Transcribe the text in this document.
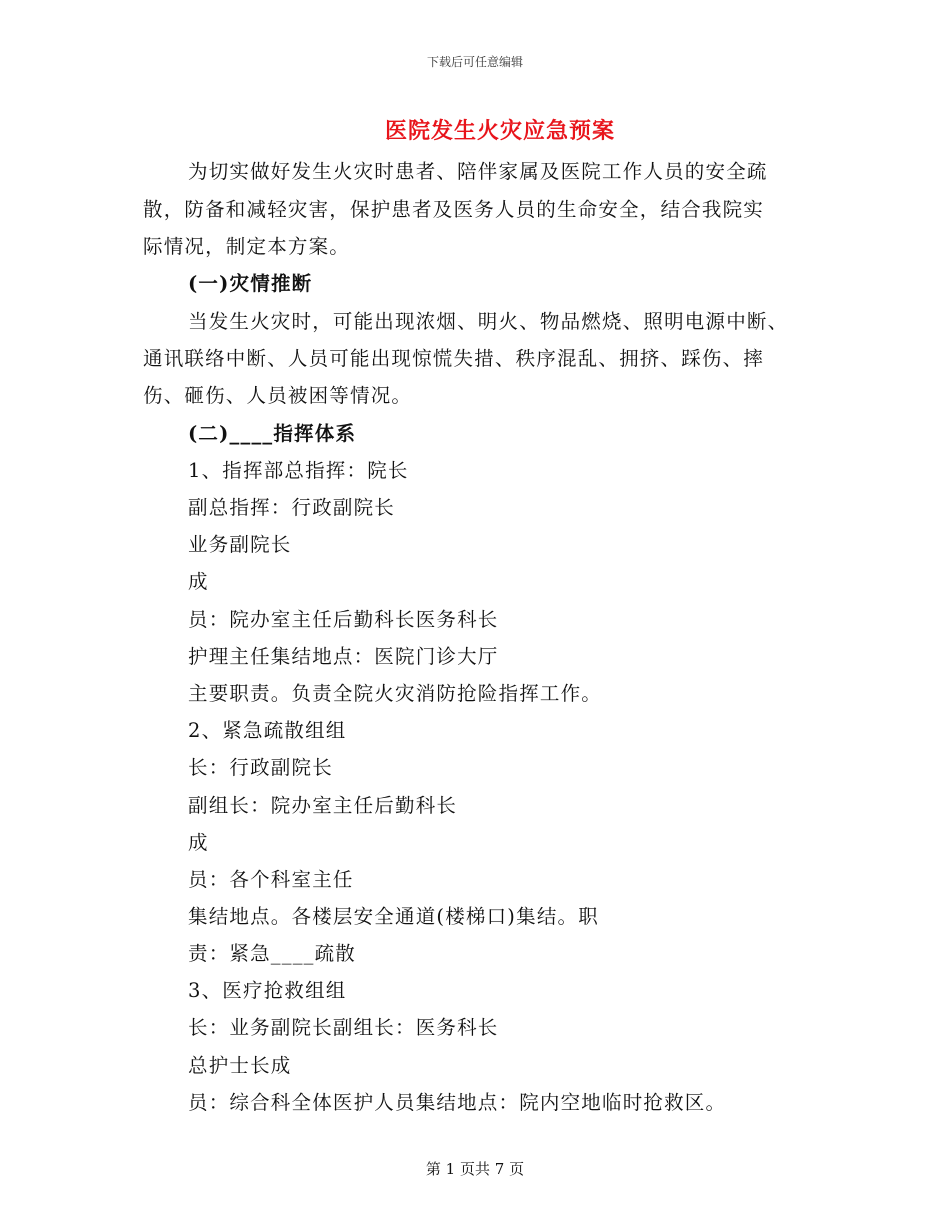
下载后可任意编辑
医院发生火灾应急预案
为切实做好发生火灾时患者、陪伴家属及医院工作人员的安全疏
散，防备和减轻灾害，保护患者及医务人员的生命安全，结合我院实
际情况，制定本方案。
(一)灾情推断
当发生火灾时，可能出现浓烟、明火、物品燃烧、照明电源中断、
通讯联络中断、人员可能出现惊慌失措、秩序混乱、拥挤、踩伤、摔
伤、砸伤、人员被困等情况。
(二)____指挥体系
1、指挥部总指挥：院长
副总指挥：行政副院长
业务副院长
成
员：院办室主任后勤科长医务科长
护理主任集结地点：医院门诊大厅
主要职责。负责全院火灾消防抢险指挥工作。
2、紧急疏散组组
长：行政副院长
副组长：院办室主任后勤科长
成
员：各个科室主任
集结地点。各楼层安全通道(楼梯口)集结。职
责：紧急____疏散
3、医疗抢救组组
长：业务副院长副组长：医务科长
总护士长成
员：综合科全体医护人员集结地点：院内空地临时抢救区。
第 1 页共 7 页
